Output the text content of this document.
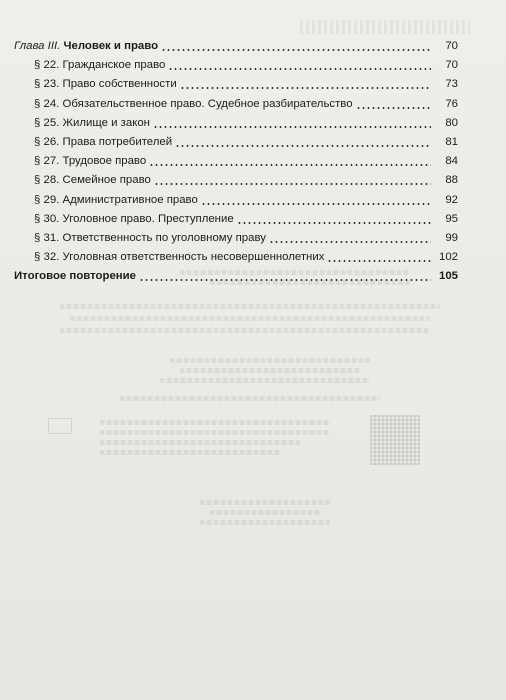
Глава III. Человек и право	70
§ 22. Гражданское право	70
§ 23. Право собственности	73
§ 24. Обязательственное право. Судебное разбирательство	76
§ 25. Жилище и закон	80
§ 26. Права потребителей	81
§ 27. Трудовое право	84
§ 28. Семейное право	88
§ 29. Административное право	92
§ 30. Уголовное право. Преступление	95
§ 31. Ответственность по уголовному праву	99
§ 32. Уголовная ответственность несовершеннолетних	102
Итоговое повторение	105
